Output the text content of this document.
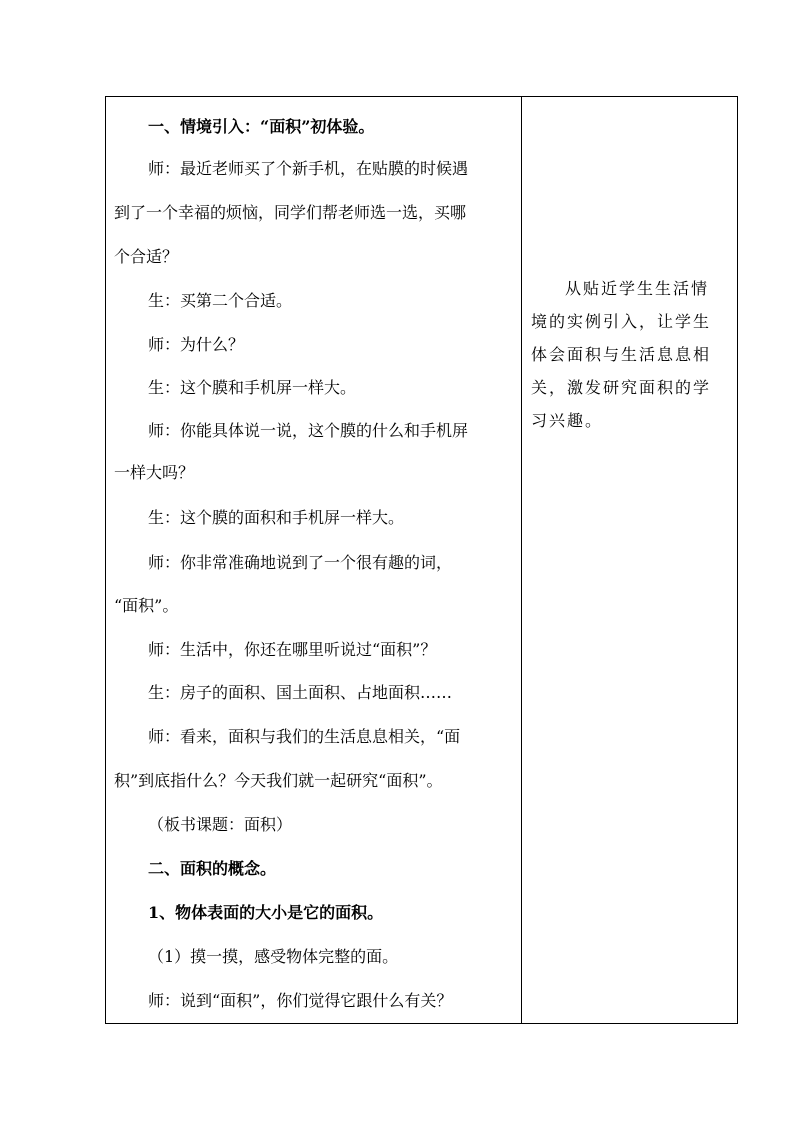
一、情境引入：“面积”初体验。
师：最近老师买了个新手机，在贴膜的时候遇
到了一个幸福的烦恼，同学们帮老师选一选，买哪
个合适？
生：买第二个合适。
师：为什么？
生：这个膜和手机屏一样大。
师：你能具体说一说，这个膜的什么和手机屏
一样大吗？
生：这个膜的面积和手机屏一样大。
师：你非常准确地说到了一个很有趣的词，
“面积”。
师：生活中，你还在哪里听说过“面积”？
生：房子的面积、国土面积、占地面积……
师：看来，面积与我们的生活息息相关，“面
积”到底指什么？今天我们就一起研究“面积”。
（板书课题：面积）
二、面积的概念。
1、物体表面的大小是它的面积。
（1）摸一摸，感受物体完整的面。
师：说到“面积”，你们觉得它跟什么有关？
从贴近学生生活情境的实例引入，让学生体会面积与生活息息相关，激发研究面积的学习兴趣。
